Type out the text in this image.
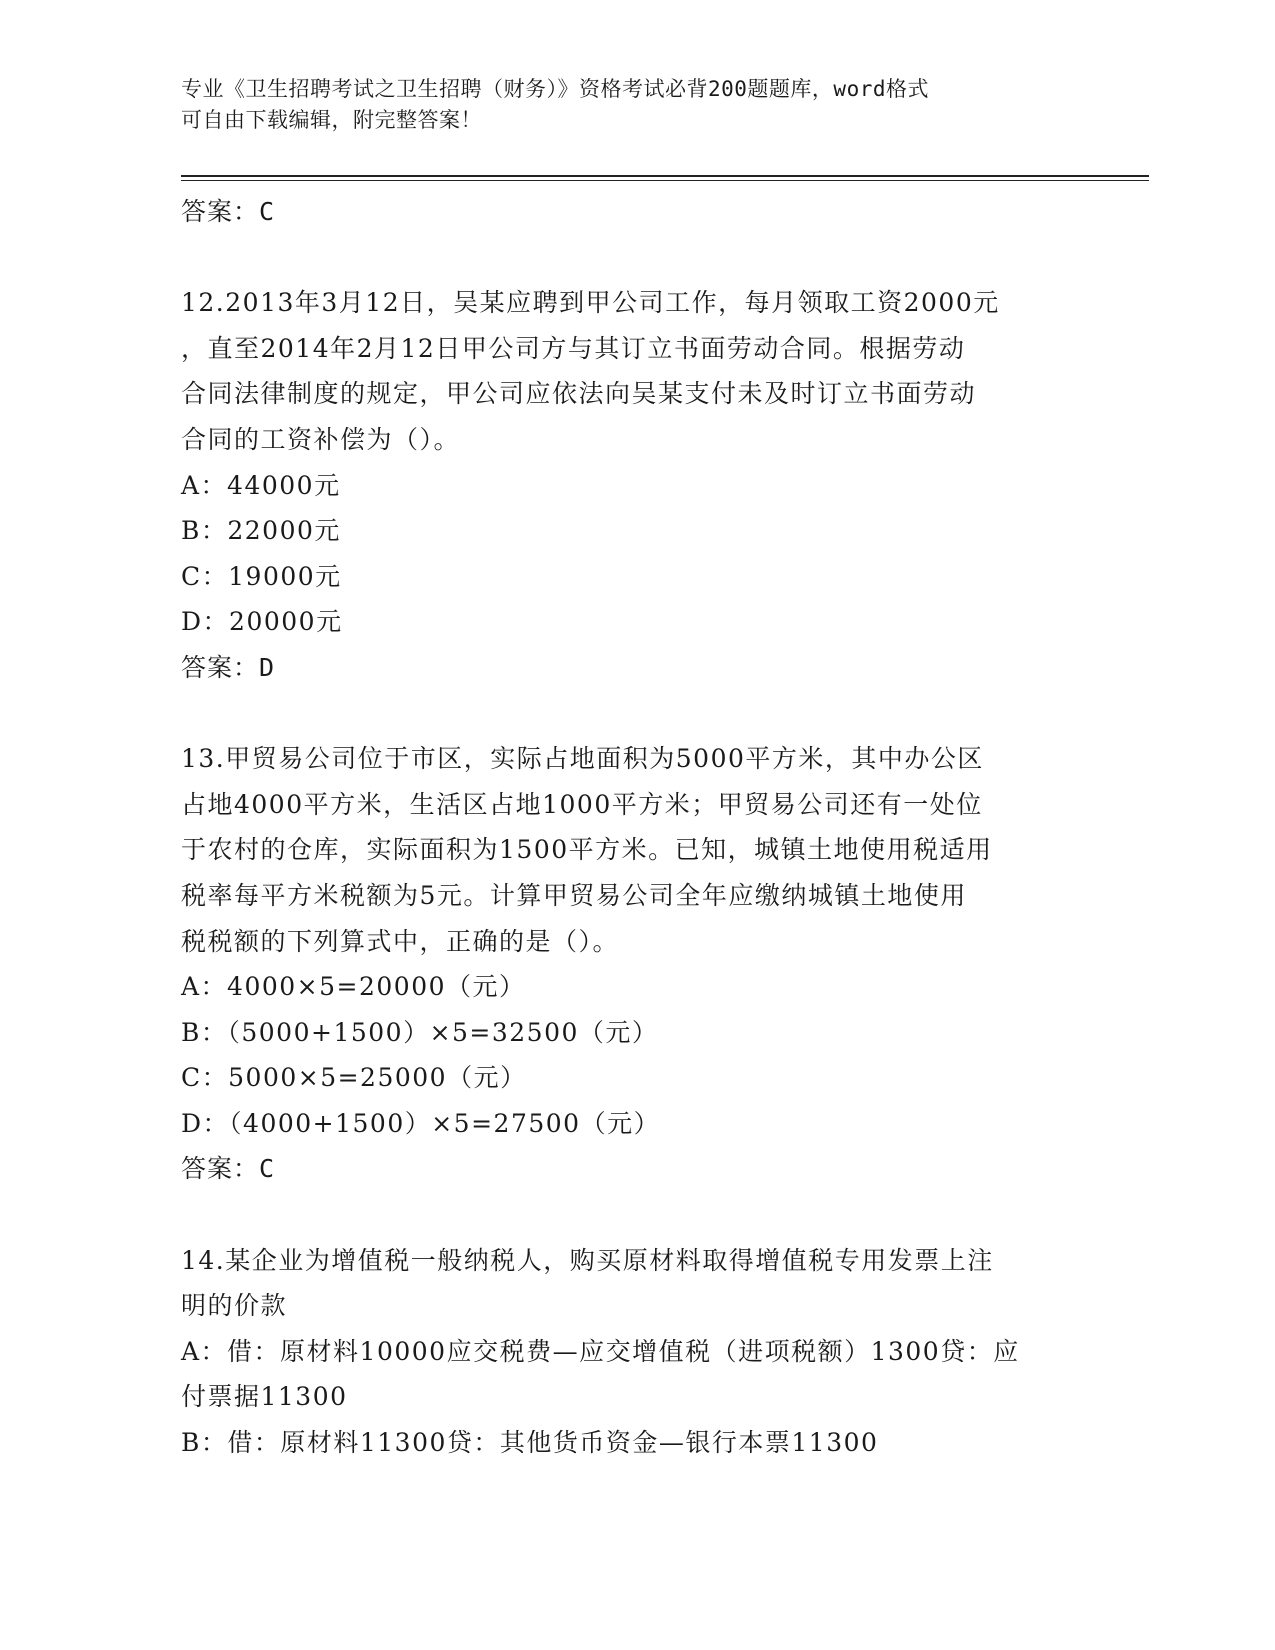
专业《卫生招聘考试之卫生招聘（财务）》资格考试必背200题题库，word格式
可自由下载编辑，附完整答案！
答案：C
12.2013年3月12日，吴某应聘到甲公司工作，每月领取工资2000元
，直至2014年2月12日甲公司方与其订立书面劳动合同。根据劳动
合同法律制度的规定，甲公司应依法向吴某支付未及时订立书面劳动
合同的工资补偿为（）。
A：44000元
B：22000元
C：19000元
D：20000元
答案：D
13.甲贸易公司位于市区，实际占地面积为5000平方米，其中办公区
占地4000平方米，生活区占地1000平方米；甲贸易公司还有一处位
于农村的仓库，实际面积为1500平方米。已知，城镇土地使用税适用
税率每平方米税额为5元。计算甲贸易公司全年应缴纳城镇土地使用
税税额的下列算式中，正确的是（）。
A：4000×5=20000（元）
B：（5000+1500）×5=32500（元）
C：5000×5=25000（元）
D：（4000+1500）×5=27500（元）
答案：C
14.某企业为增值税一般纳税人，购买原材料取得增值税专用发票上注
明的价款
A：借：原材料10000应交税费—应交增值税（进项税额）1300贷：应
付票据11300
B：借：原材料11300贷：其他货币资金—银行本票11300
